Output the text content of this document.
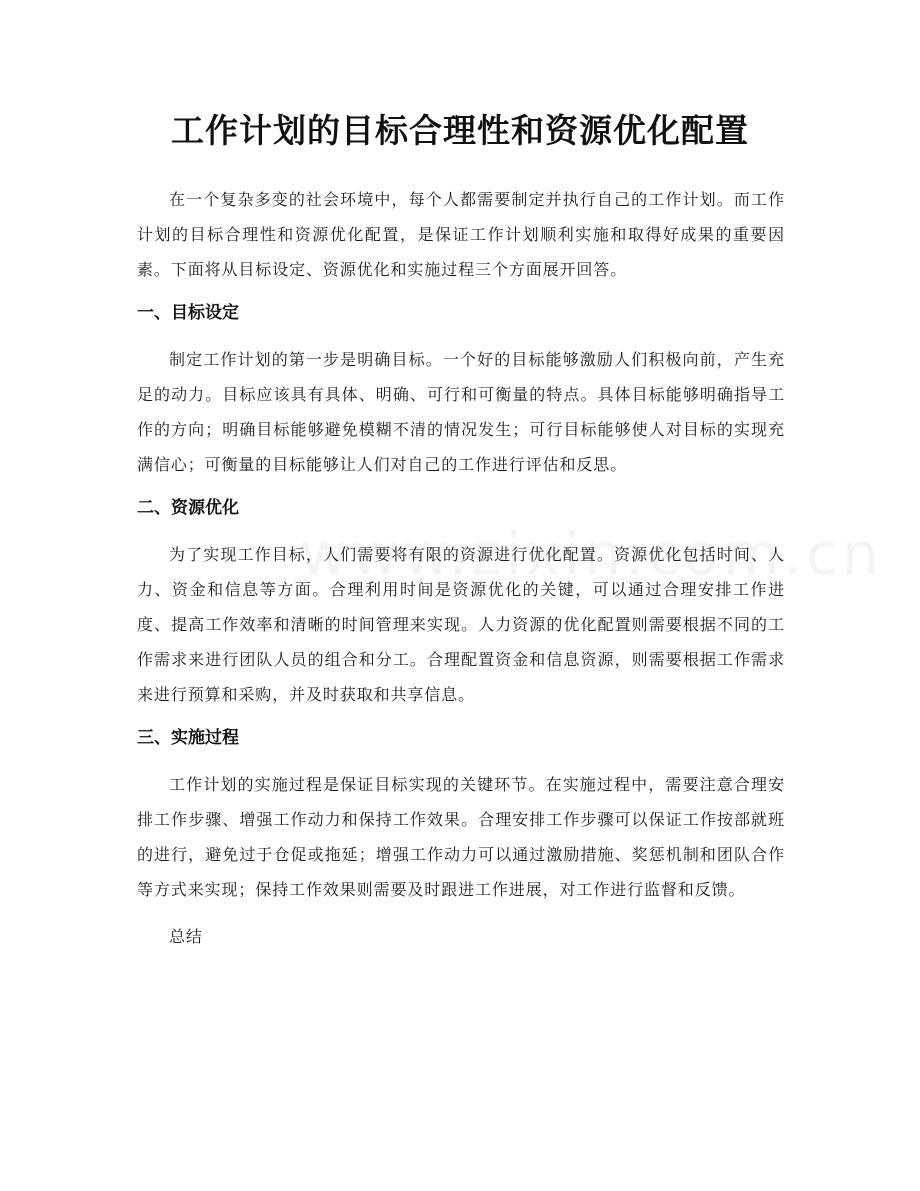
工作计划的目标合理性和资源优化配置

在一个复杂多变的社会环境中，每个人都需要制定并执行自己的工作计划。而工作计划的目标合理性和资源优化配置，是保证工作计划顺利实施和取得好成果的重要因素。下面将从目标设定、资源优化和实施过程三个方面展开回答。

一、目标设定

制定工作计划的第一步是明确目标。一个好的目标能够激励人们积极向前，产生充足的动力。目标应该具有具体、明确、可行和可衡量的特点。具体目标能够明确指导工作的方向；明确目标能够避免模糊不清的情况发生；可行目标能够使人对目标的实现充满信心；可衡量的目标能够让人们对自己的工作进行评估和反思。

二、资源优化

为了实现工作目标，人们需要将有限的资源进行优化配置。资源优化包括时间、人力、资金和信息等方面。合理利用时间是资源优化的关键，可以通过合理安排工作进度、提高工作效率和清晰的时间管理来实现。人力资源的优化配置则需要根据不同的工作需求来进行团队人员的组合和分工。合理配置资金和信息资源，则需要根据工作需求来进行预算和采购，并及时获取和共享信息。

三、实施过程

工作计划的实施过程是保证目标实现的关键环节。在实施过程中，需要注意合理安排工作步骤、增强工作动力和保持工作效果。合理安排工作步骤可以保证工作按部就班的进行，避免过于仓促或拖延；增强工作动力可以通过激励措施、奖惩机制和团队合作等方式来实现；保持工作效果则需要及时跟进工作进展，对工作进行监督和反馈。

总结
